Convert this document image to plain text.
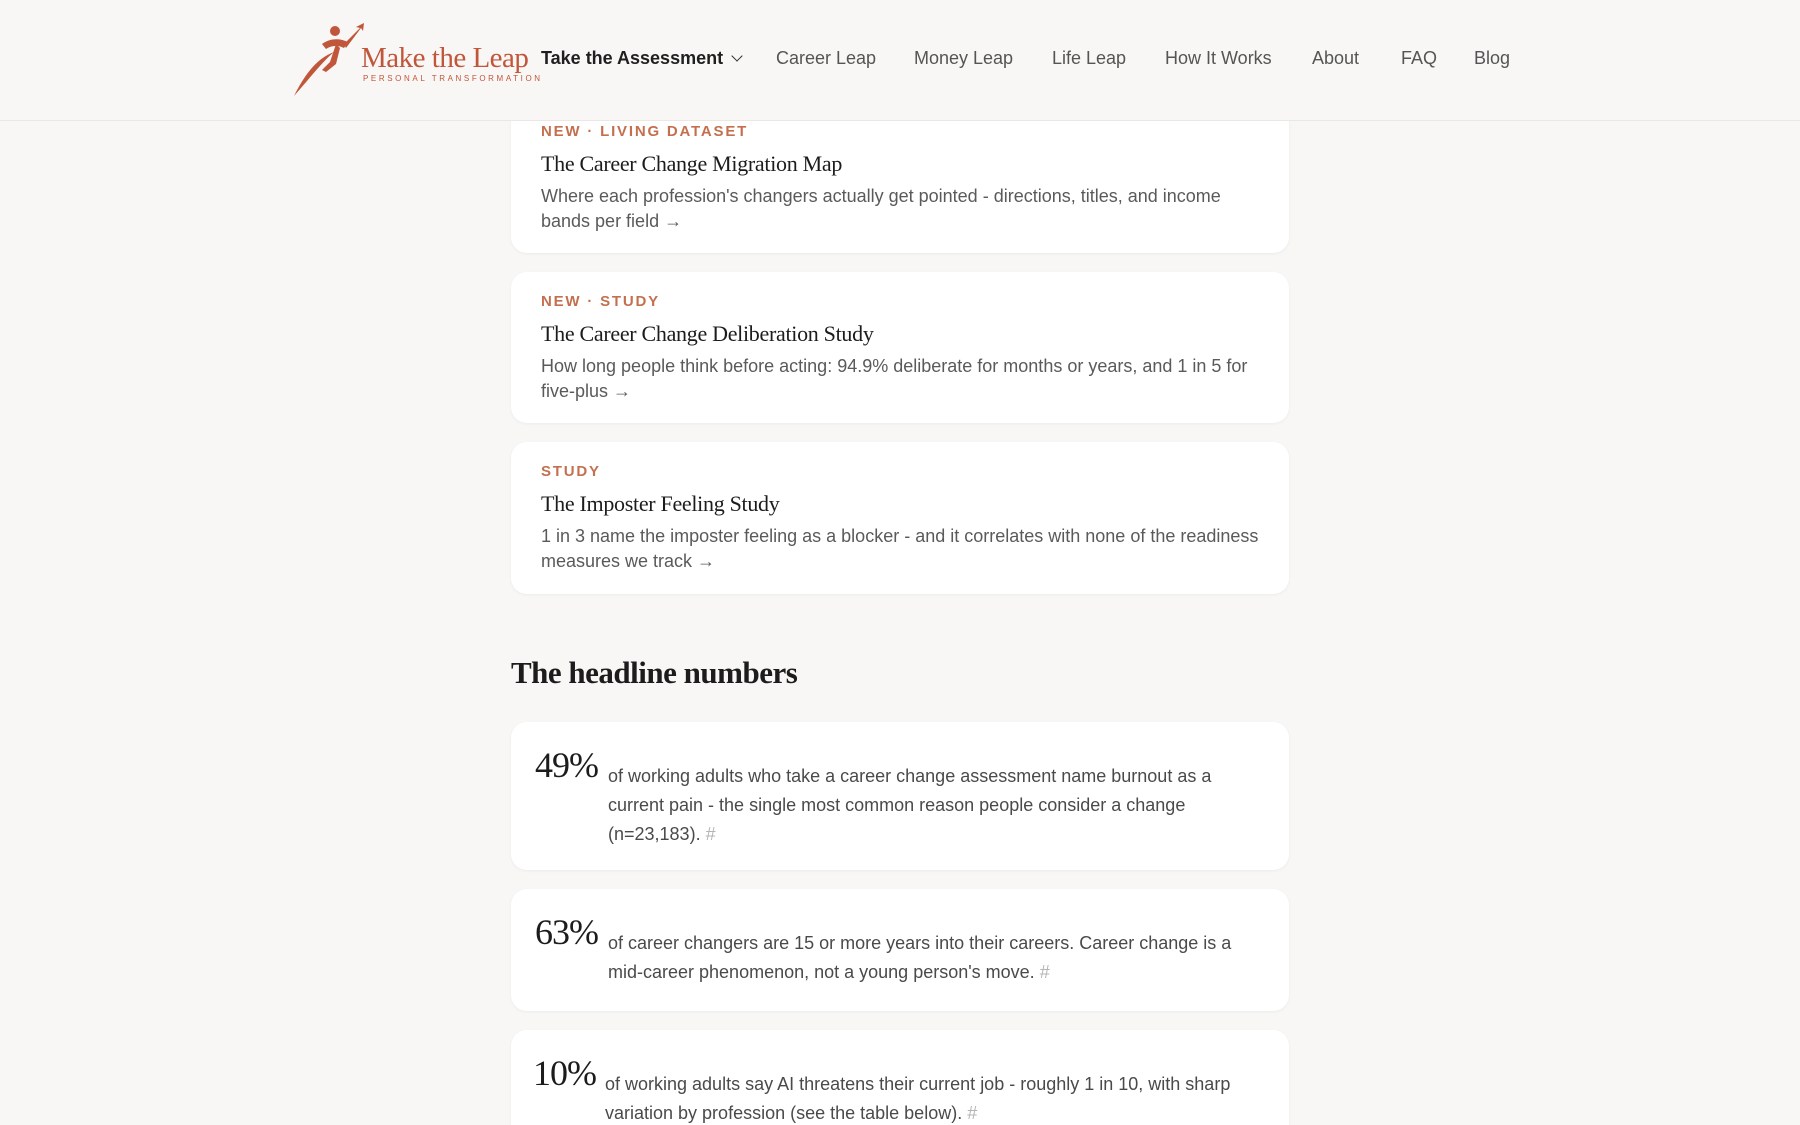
Make the Leap
PERSONAL TRANSFORMATION
Take the Assessment	Career Leap Money Leap Life Leap How It Works About FAQ Blog
NEW · LIVING DATASET
The Career Change Migration Map

Where each profession's changers actually get pointed - directions, titles, and income bands per field →

NEW · STUDY
The Career Change Deliberation Study

How long people think before acting: 94.9% deliberate for months or years, and 1 in 5 for five-plus →

STUDY
The Imposter Feeling Study

1 in 3 name the imposter feeling as a blocker - and it correlates with none of the readiness measures we track →

The headline numbers
49% of working adults who take a career change assessment name burnout as a current pain - the single most common reason people consider a change (n=23,183). #

63% of career changers are 15 or more years into their careers. Career change is a mid-career phenomenon, not a young person's move. #

10% of working adults say AI threatens their current job - roughly 1 in 10, with sharp variation by profession (see the table below). #
